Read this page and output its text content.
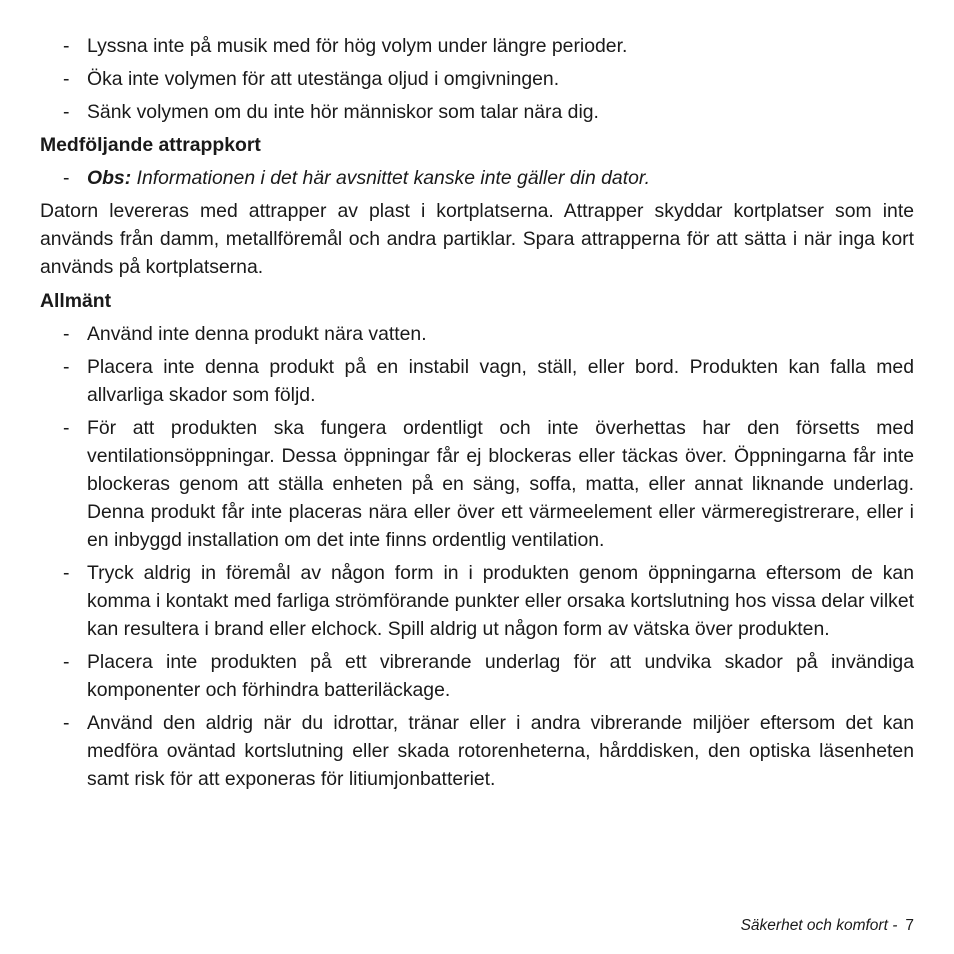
- Lyssna inte på musik med för hög volym under längre perioder.
- Öka inte volymen för att utestänga oljud i omgivningen.
- Sänk volymen om du inte hör människor som talar nära dig.
Medföljande attrappkort
- Obs: Informationen i det här avsnittet kanske inte gäller din dator.
Datorn levereras med attrapper av plast i kortplatserna. Attrapper skyddar kortplatser som inte används från damm, metallföremål och andra partiklar. Spara attrapperna för att sätta i när inga kort används på kortplatserna.
Allmänt
- Använd inte denna produkt nära vatten.
- Placera inte denna produkt på en instabil vagn, ställ, eller bord. Produkten kan falla med allvarliga skador som följd.
- För att produkten ska fungera ordentligt och inte överhettas har den försetts med ventilationsöppningar. Dessa öppningar får ej blockeras eller täckas över. Öppningarna får inte blockeras genom att ställa enheten på en säng, soffa, matta, eller annat liknande underlag. Denna produkt får inte placeras nära eller över ett värmeelement eller värmeregistrerare, eller i en inbyggd installation om det inte finns ordentlig ventilation.
- Tryck aldrig in föremål av någon form in i produkten genom öppningarna eftersom de kan komma i kontakt med farliga strömförande punkter eller orsaka kortslutning hos vissa delar vilket kan resultera i brand eller elchock. Spill aldrig ut någon form av vätska över produkten.
- Placera inte produkten på ett vibrerande underlag för att undvika skador på invändiga komponenter och förhindra batteriläckage.
- Använd den aldrig när du idrottar, tränar eller i andra vibrerande miljöer eftersom det kan medföra oväntad kortslutning eller skada rotorenheterna, hårddisken, den optiska läsenheten samt risk för att exponeras för litiumjonbatteriet.
Säkerhet och komfort - 7
